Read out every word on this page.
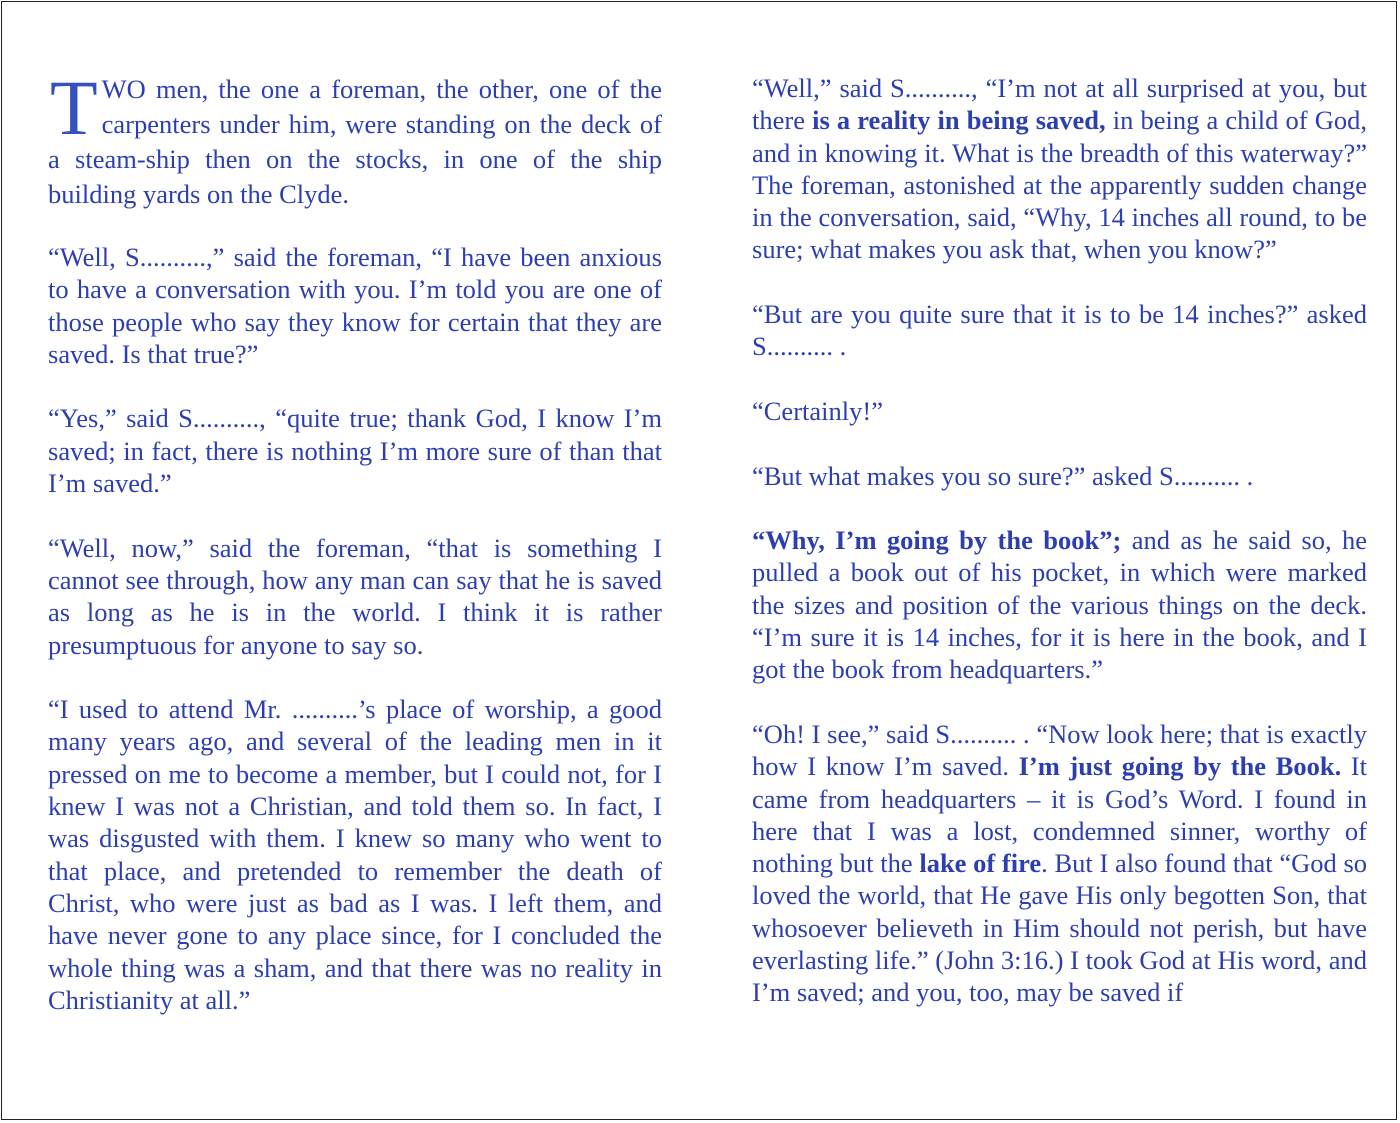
TWO men, the one a foreman, the other, one of the carpenters under him, were standing on the deck of a steam-ship then on the stocks, in one of the ship building yards on the Clyde.

“Well, S..........,” said the foreman, “I have been anxious to have a conversation with you. I’m told you are one of those people who say they know for certain that they are saved. Is that true?”

“Yes,” said S.........., “quite true; thank God, I know I’m saved; in fact, there is nothing I’m more sure of than that I’m saved.”

“Well, now,” said the foreman, “that is something I cannot see through, how any man can say that he is saved as long as he is in the world. I think it is rather presumptuous for anyone to say so.

“I used to attend Mr. ..........’s place of worship, a good many years ago, and several of the leading men in it pressed on me to become a member, but I could not, for I knew I was not a Christian, and told them so. In fact, I was disgusted with them. I knew so many who went to that place, and pretended to remember the death of Christ, who were just as bad as I was. I left them, and have never gone to any place since, for I concluded the whole thing was a sham, and that there was no reality in Christianity at all.”

“Well,” said S.........., “I’m not at all surprised at you, but there is a reality in being saved, in being a child of God, and in knowing it. What is the breadth of this waterway?” The foreman, astonished at the apparently sudden change in the conversation, said, “Why, 14 inches all round, to be sure; what makes you ask that, when you know?”

“But are you quite sure that it is to be 14 inches?” asked S.......... .

“Certainly!”

“But what makes you so sure?” asked S.......... .

“Why, I’m going by the book”; and as he said so, he pulled a book out of his pocket, in which were marked the sizes and position of the various things on the deck. “I’m sure it is 14 inches, for it is here in the book, and I got the book from headquarters.”

“Oh! I see,” said S.......... . “Now look here; that is exactly how I know I’m saved. I’m just going by the Book. It came from headquarters – it is God’s Word. I found in here that I was a lost, condemned sinner, worthy of nothing but the lake of fire. But I also found that “God so loved the world, that He gave His only begotten Son, that whosoever believeth in Him should not perish, but have everlasting life.” (John 3:16.) I took God at His word, and I’m saved; and you, too, may be saved if
